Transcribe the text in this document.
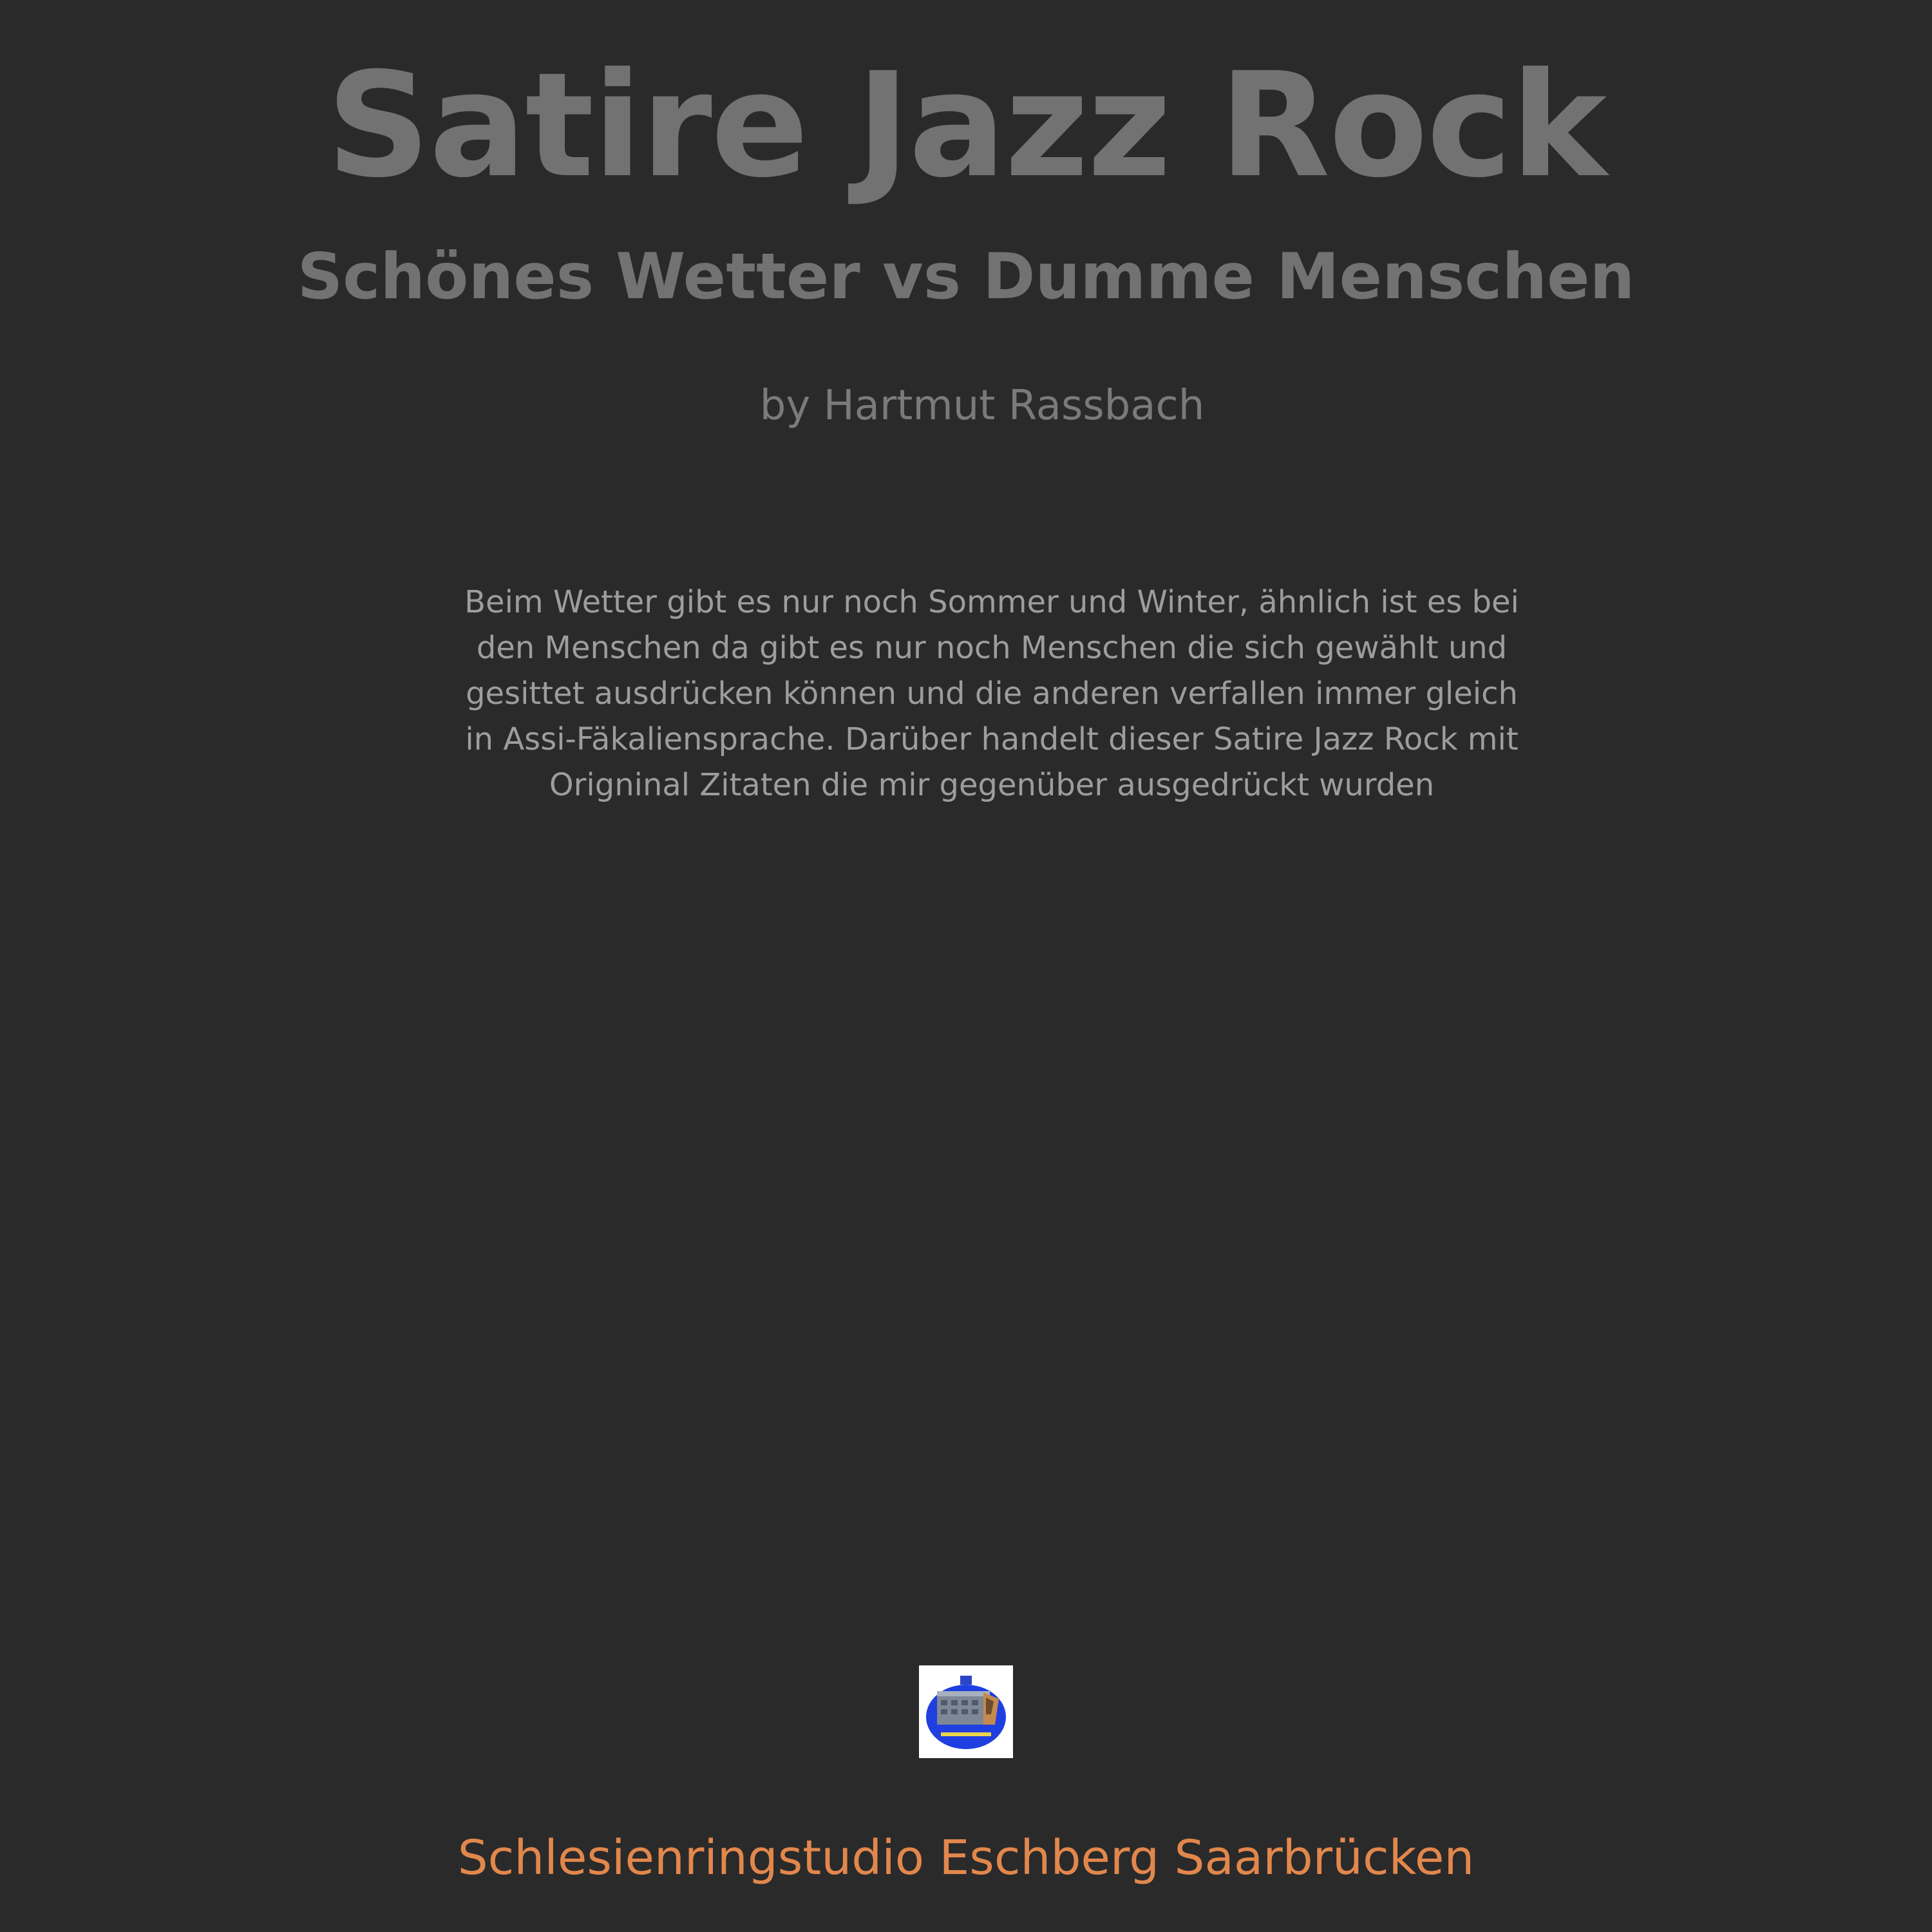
Satire Jazz Rock
Schönes Wetter vs Dumme Menschen
by Hartmut Rassbach
Beim Wetter gibt es nur noch Sommer und Winter, ähnlich ist es bei
den Menschen da gibt es nur noch Menschen die sich gewählt und
gesittet ausdrücken können und die anderen verfallen immer gleich
in Assi-Fäkaliensprache. Darüber handelt dieser Satire Jazz Rock mit
Origninal Zitaten die mir gegenüber ausgedrückt wurden
Schlesienringstudio Eschberg Saarbrücken
